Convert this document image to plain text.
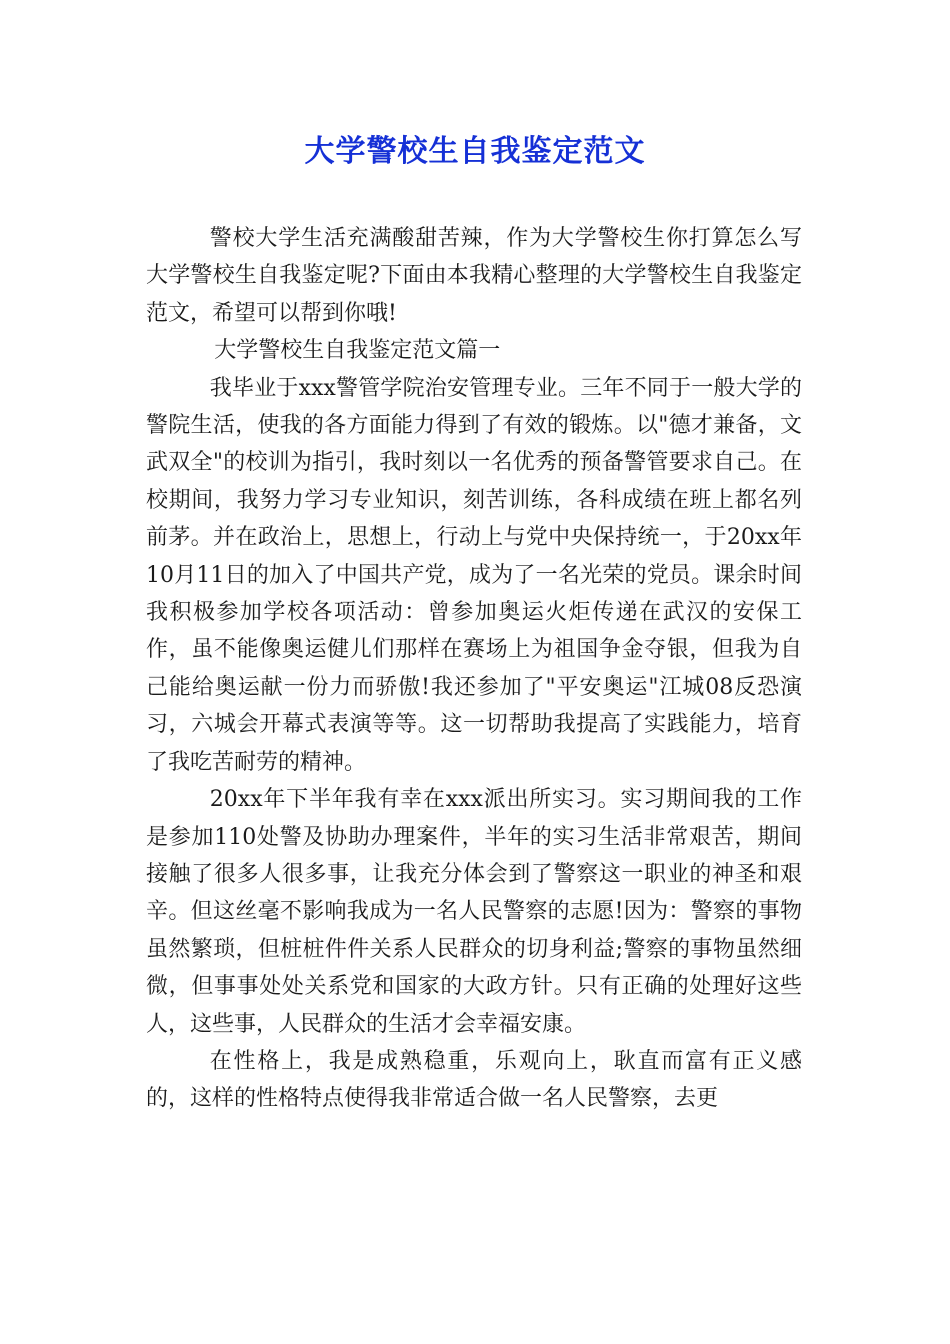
大学警校生自我鉴定范文

警校大学生活充满酸甜苦辣，作为大学警校生你打算怎么写大学警校生自我鉴定呢?下面由本我精心整理的大学警校生自我鉴定范文，希望可以帮到你哦!

大学警校生自我鉴定范文篇一

我毕业于xxx警管学院治安管理专业。三年不同于一般大学的警院生活，使我的各方面能力得到了有效的锻炼。以"德才兼备，文武双全"的校训为指引，我时刻以一名优秀的预备警管要求自己。在校期间，我努力学习专业知识，刻苦训练，各科成绩在班上都名列前茅。并在政治上，思想上，行动上与党中央保持统一，于20xx年10月11日的加入了中国共产党，成为了一名光荣的党员。课余时间我积极参加学校各项活动：曾参加奥运火炬传递在武汉的安保工作，虽不能像奥运健儿们那样在赛场上为祖国争金夺银，但我为自己能给奥运献一份力而骄傲!我还参加了"平安奥运"江城08反恐演习，六城会开幕式表演等等。这一切帮助我提高了实践能力，培育了我吃苦耐劳的精神。

20xx年下半年我有幸在xxx派出所实习。实习期间我的工作是参加110处警及协助办理案件，半年的实习生活非常艰苦，期间接触了很多人很多事，让我充分体会到了警察这一职业的神圣和艰辛。但这丝毫不影响我成为一名人民警察的志愿!因为：警察的事物虽然繁琐，但桩桩件件关系人民群众的切身利益;警察的事物虽然细微，但事事处处关系党和国家的大政方针。只有正确的处理好这些人，这些事，人民群众的生活才会幸福安康。

在性格上，我是成熟稳重，乐观向上，耿直而富有正义感的，这样的性格特点使得我非常适合做一名人民警察，去更
